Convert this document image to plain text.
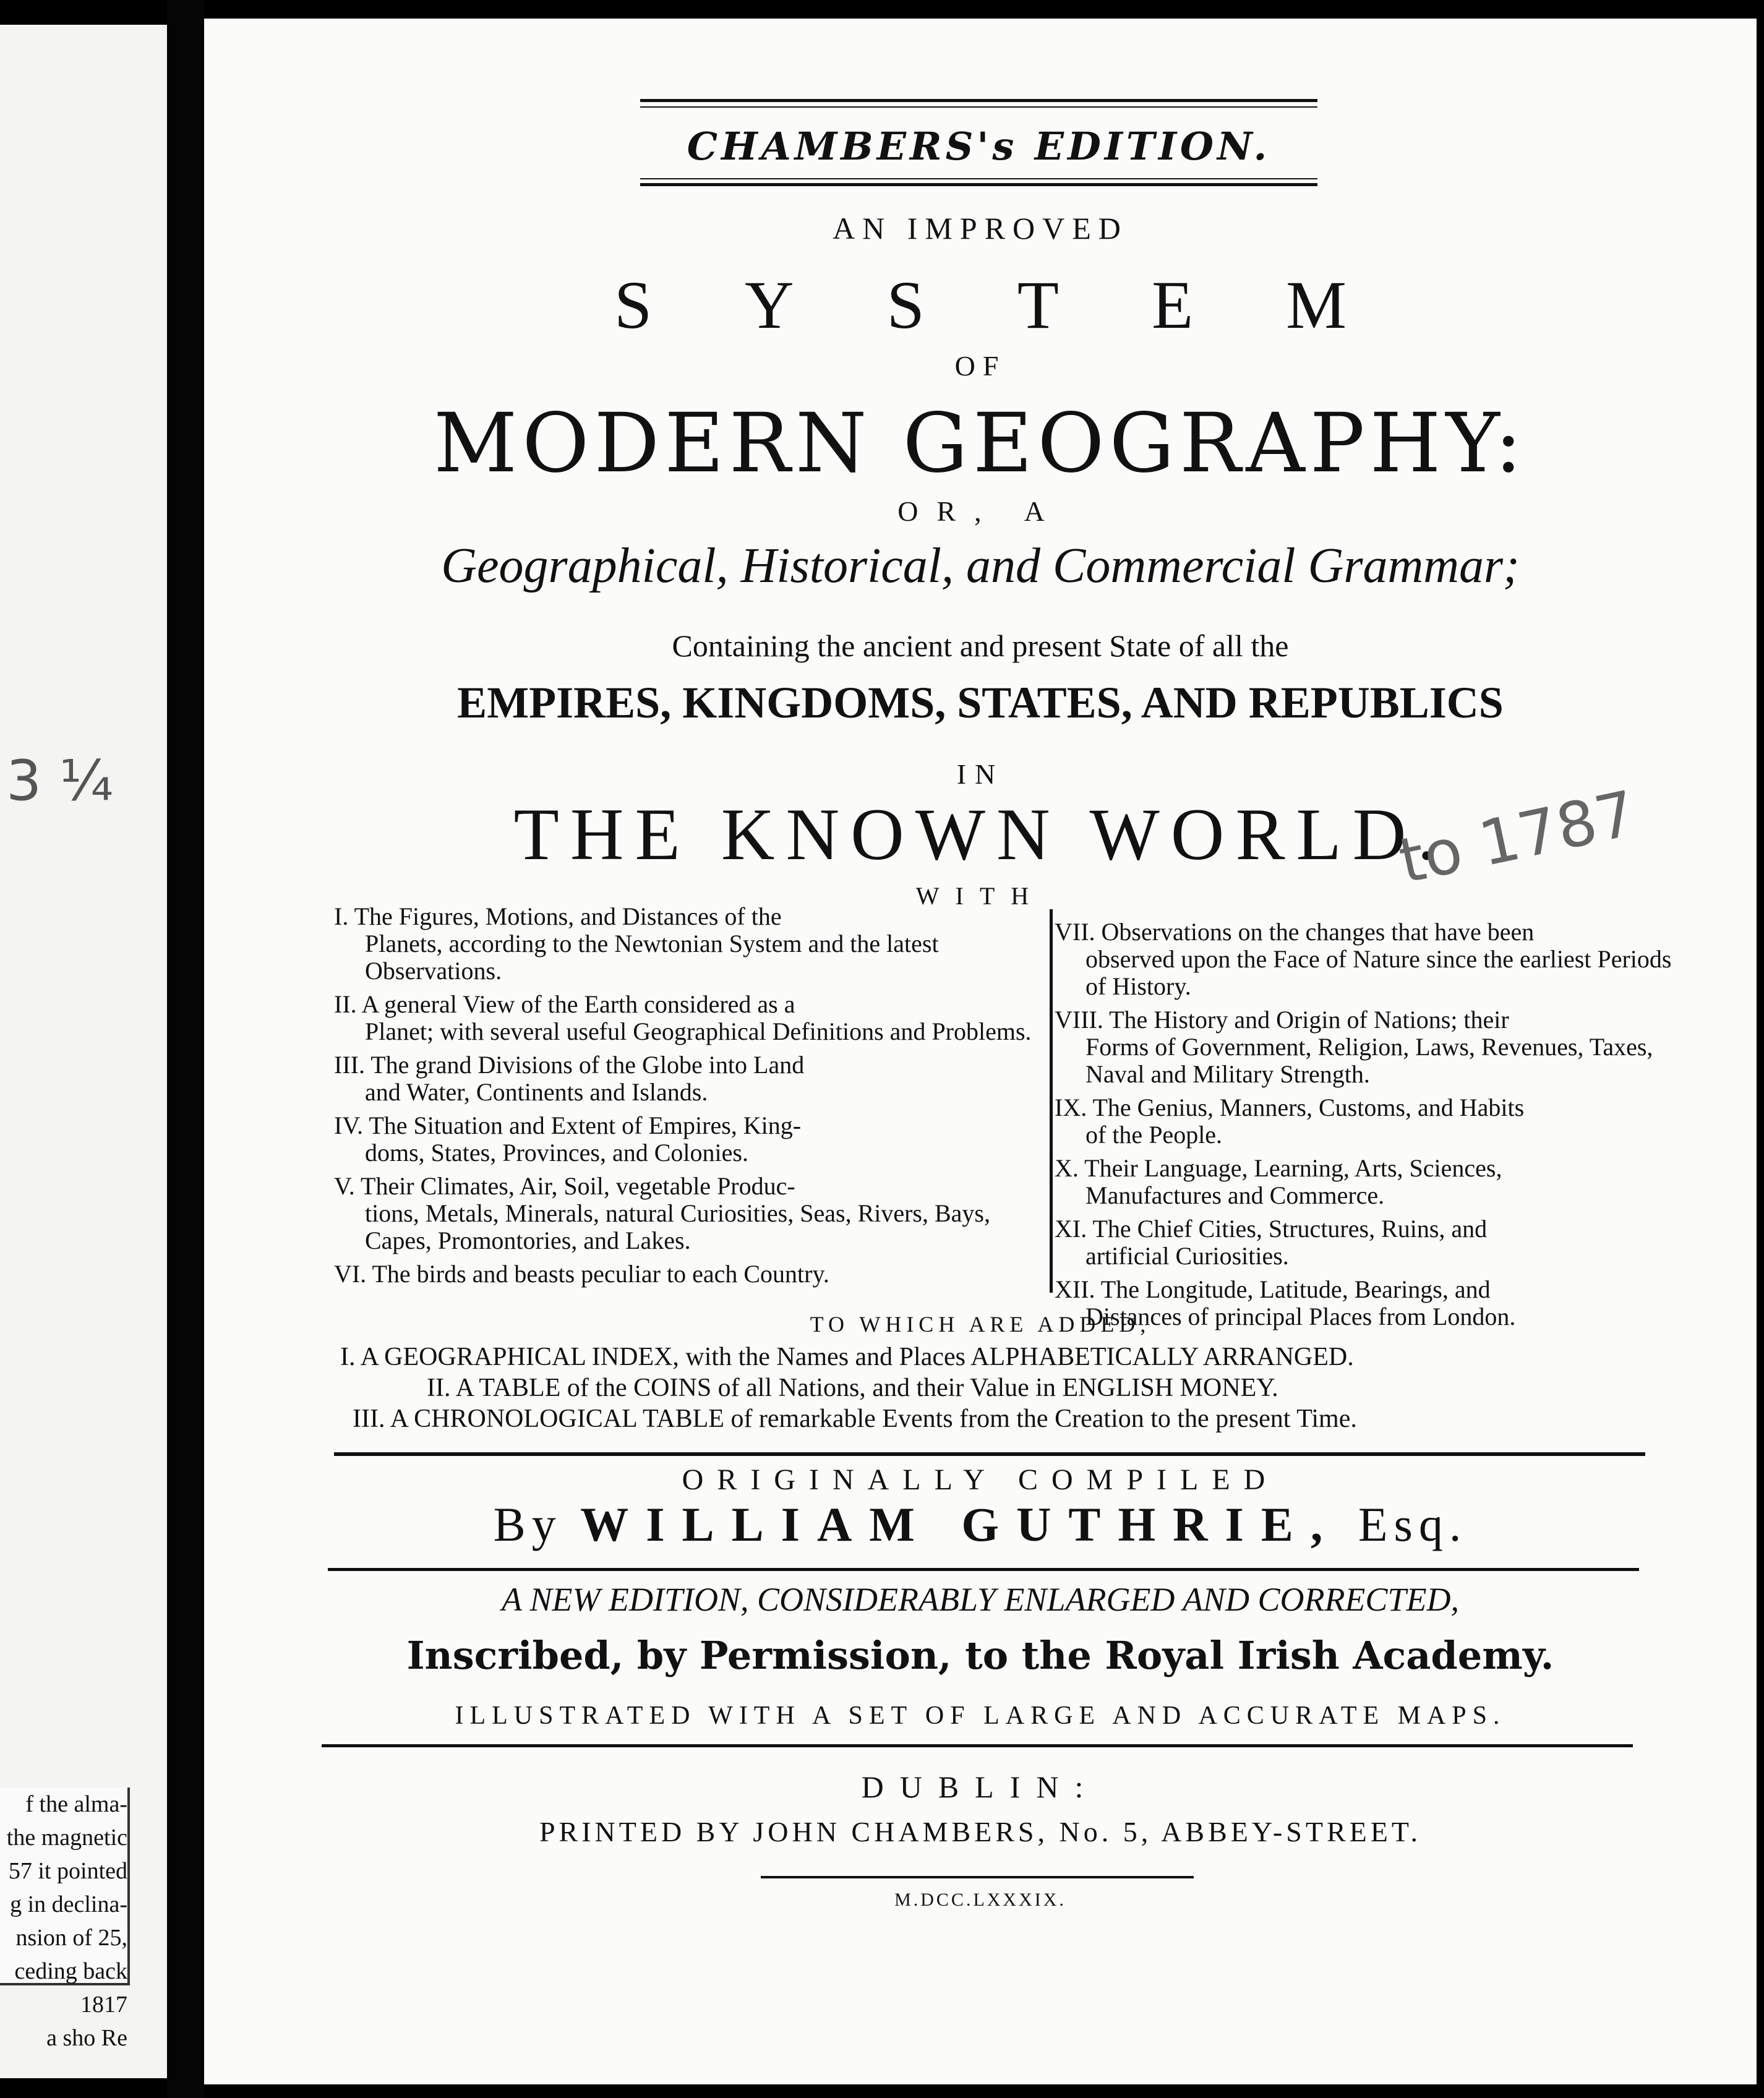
3 ¼
f the alma-
the magnetic
57 it pointed
g in declina-
nsion of 25,
ceding back
1817
a sho Re
CHAMBERS's EDITION.
AN IMPROVED
SYSTEM
OF
MODERN GEOGRAPHY:
OR, A
Geographical, Historical, and Commercial Grammar;
Containing the ancient and present State of all the
EMPIRES, KINGDOMS, STATES, AND REPUBLICS
IN
THE KNOWN WORLD.
to 1787
WITH
I. The Figures, Motions, and Distances of the
Planets, according to the Newtonian System and the latest Observations.
II. A general View of the Earth considered as a
Planet; with several useful Geographical Definitions and Problems.
III. The grand Divisions of the Globe into Land
and Water, Continents and Islands.
IV. The Situation and Extent of Empires, King-
doms, States, Provinces, and Colonies.
V. Their Climates, Air, Soil, vegetable Produc-
tions, Metals, Minerals, natural Curiosities, Seas, Rivers, Bays, Capes, Promontories, and Lakes.
VI. The birds and beasts peculiar to each Country.
VII. Observations on the changes that have been
observed upon the Face of Nature since the earliest Periods of History.
VIII. The History and Origin of Nations; their
Forms of Government, Religion, Laws, Revenues, Taxes, Naval and Military Strength.
IX. The Genius, Manners, Customs, and Habits
of the People.
X. Their Language, Learning, Arts, Sciences,
Manufactures and Commerce.
XI. The Chief Cities, Structures, Ruins, and
artificial Curiosities.
XII. The Longitude, Latitude, Bearings, and
Distances of principal Places from London.
TO WHICH ARE ADDED,
I. A GEOGRAPHICAL INDEX, with the Names and Places ALPHABETICALLY ARRANGED.
II. A TABLE of the COINS of all Nations, and their Value in ENGLISH MONEY.
III. A CHRONOLOGICAL TABLE of remarkable Events from the Creation to the present Time.
ORIGINALLY COMPILED
By WILLIAM GUTHRIE, Esq.
A NEW EDITION, CONSIDERABLY ENLARGED AND CORRECTED,
Inscribed, by Permission, to the Royal Irish Academy.
ILLUSTRATED WITH A SET OF LARGE AND ACCURATE MAPS.
DUBLIN:
PRINTED BY JOHN CHAMBERS, No. 5, ABBEY-STREET.
M.DCC.LXXXIX.
